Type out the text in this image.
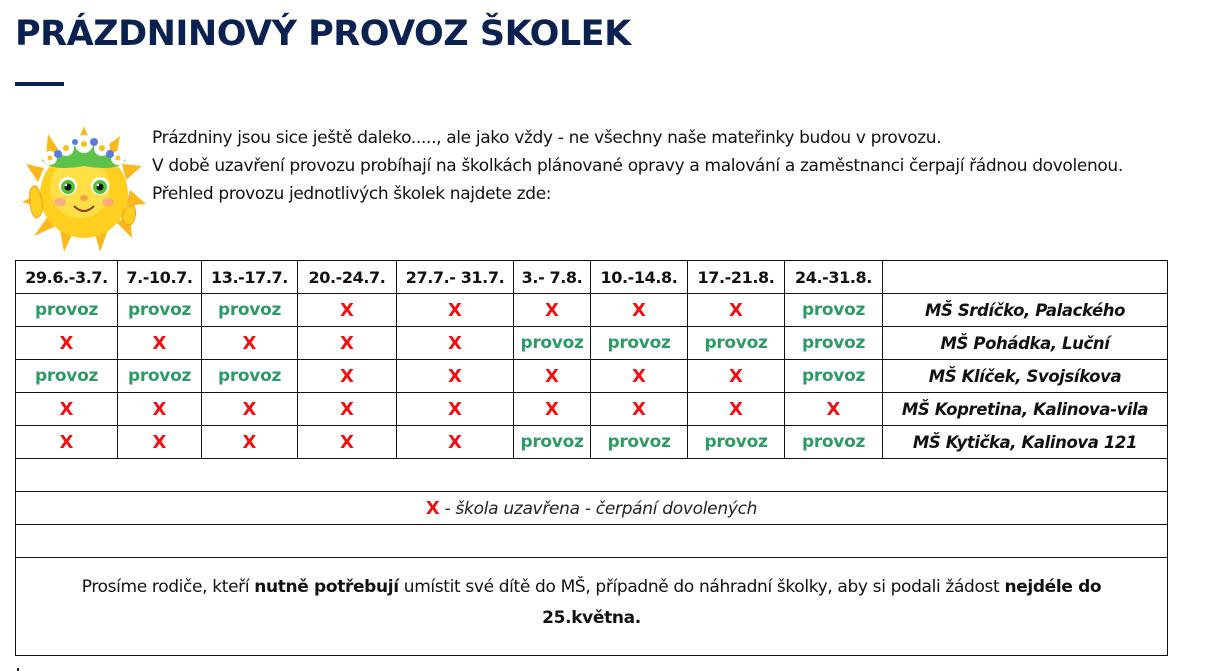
PRÁZDNINOVÝ PROVOZ ŠKOLEK

Prázdniny jsou sice ještě daleko....., ale jako vždy - ne všechny naše mateřinky budou v provozu.

V době uzavření provozu probíhají na školkách plánované opravy a malování a zaměstnanci čerpají řádnou dovolenou.

Přehled provozu jednotlivých školek najdete zde:

29.6.-3.7.	7.-10.7.	13.-17.7.	20.-24.7.	27.7.- 31.7.	3.- 7.8.	10.-14.8.	17.-21.8.	24.-31.8.	
provoz	provoz	provoz	X	X	X	X	X	provoz	MŠ Srdíčko, Palackého
X	X	X	X	X	provoz	provoz	provoz	provoz	MŠ Pohádka, Luční
provoz	provoz	provoz	X	X	X	X	X	provoz	MŠ Klíček, Svojsíkova
X	X	X	X	X	X	X	X	X	MŠ Kopretina, Kalinova-vila
X	X	X	X	X	provoz	provoz	provoz	provoz	MŠ Kytička, Kalinova 121

X - škola uzavřena - čerpání dovolených									

Prosíme rodiče, kteří nutně potřebují umístit své dítě do MŠ, případně do náhradní školky, aby si podali žádost nejdéle do 25.května.									
